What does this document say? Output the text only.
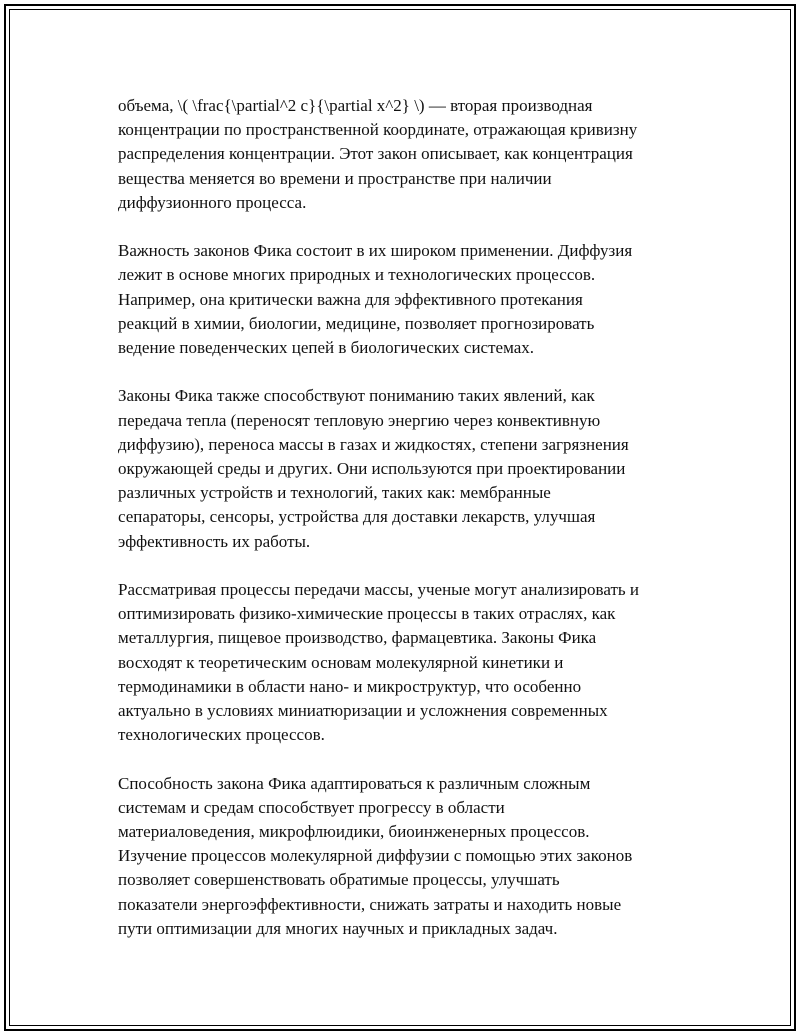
объема, \( \frac{\partial^2 c}{\partial x^2} \) — вторая производная
концентрации по пространственной координате, отражающая кривизну
распределения концентрации. Этот закон описывает, как концентрация
вещества меняется во времени и пространстве при наличии
диффузионного процесса.

Важность законов Фика состоит в их широком применении. Диффузия
лежит в основе многих природных и технологических процессов.
Например, она критически важна для эффективного протекания
реакций в химии, биологии, медицине, позволяет прогнозировать
ведение поведенческих цепей в биологических системах.

Законы Фика также способствуют пониманию таких явлений, как
передача тепла (переносят тепловую энергию через конвективную
диффузию), переноса массы в газах и жидкостях, степени загрязнения
окружающей среды и других. Они используются при проектировании
различных устройств и технологий, таких как: мембранные
сепараторы, сенсоры, устройства для доставки лекарств, улучшая
эффективность их работы.

Рассматривая процессы передачи массы, ученые могут анализировать и
оптимизировать физико-химические процессы в таких отраслях, как
металлургия, пищевое производство, фармацевтика. Законы Фика
восходят к теоретическим основам молекулярной кинетики и
термодинамики в области нано- и микроструктур, что особенно
актуально в условиях миниатюризации и усложнения современных
технологических процессов.

Способность закона Фика адаптироваться к различным сложным
системам и средам способствует прогрессу в области
материаловедения, микрофлюидики, биоинженерных процессов.
Изучение процессов молекулярной диффузии с помощью этих законов
позволяет совершенствовать обратимые процессы, улучшать
показатели энергоэффективности, снижать затраты и находить новые
пути оптимизации для многих научных и прикладных задач.
